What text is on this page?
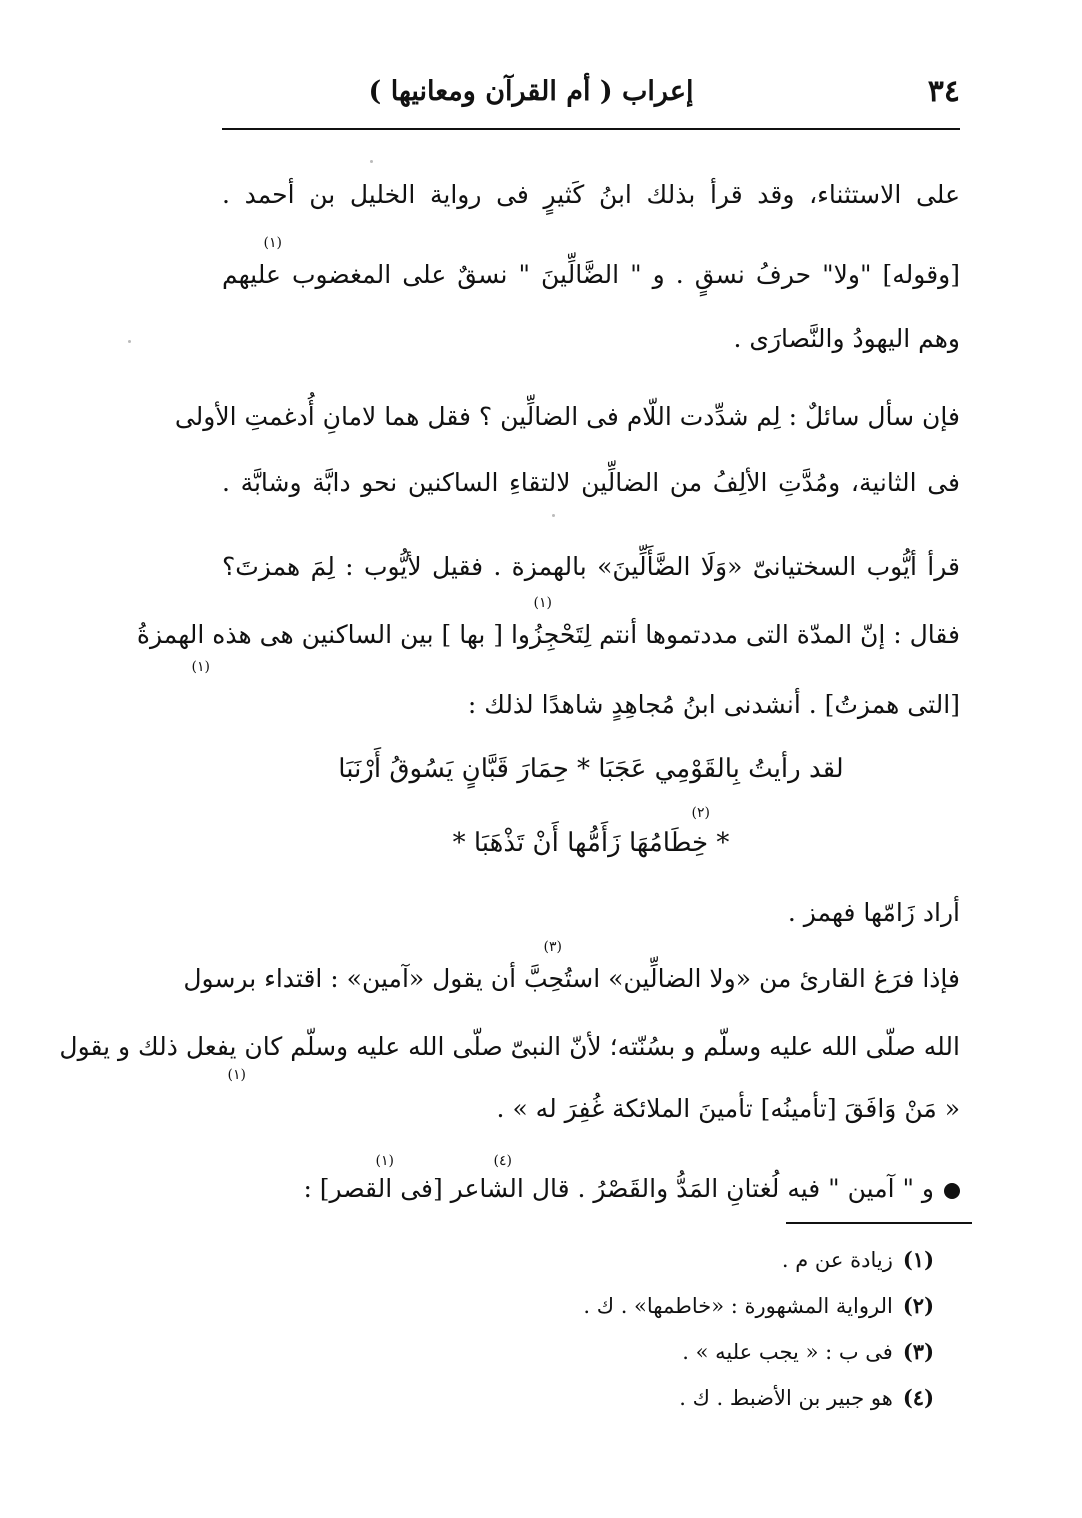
٣٤
إعراب ( أم القرآن ومعانيها )
على الاستثناء، وقد قرأ بذلك ابنُ كَثيرٍ فى رواية الخليل بن أحمد .
(١)
[وقوله] "ولا" حرفُ نسقٍ . و " الضَّالِّينَ " نسقٌ على المغضوب عليهم
وهم اليهودُ والنَّصارَى .
فإن سأل سائلٌ : لِم شدِّدت اللّام فى الضالِّين ؟ فقل هما لامانِ أُدغمتِ الأولى
فى الثانية، ومُدَّتِ الألِفُ من الضالِّين لالتقاءِ الساكنين نحو دابَّة وشابَّة .
قرأ أيُّوب السختيانىّ «وَلَا الضَّأَلِّينَ» بالهمزة . فقيل لأيُّوب : لِمَ همزتَ؟
(١)
فقال : إنّ المدّة التى مددتموها أنتم لِتَحْجِزُوا [ بها ] بين الساكنين هى هذه الهمزةُ
(١)
[التى همزتُ] . أنشدنى ابنُ مُجاهِدٍ شاهدًا لذلك :
لقد رأيتُ بِالقَوْمِي عَجَبَا * حِمَارَ قَبَّانٍ يَسُوقُ أَرْنَبَا
(٢)
* خِطَامُهَا زَأَمُّها أَنْ تَذْهَبَا *
أراد زَامّها فهمز .
(٣)
فإذا فرَغ القارئ من «ولا الضالِّين» استُحِبَّ أن يقول «آمين» : اقتداء برسول
الله صلّى الله عليه وسلّم و بسُنّته؛ لأنّ النبىّ صلّى الله عليه وسلّم كان يفعل ذلك و يقول
(١)
« مَنْ وَافَقَ [تأمينُه] تأمينَ الملائكة غُفِرَ له » .
(٤)
(١)
و " آمين " فيه لُغتانِ المَدُّ والقَصْرُ . قال الشاعر [فى القصر] :
(١)زيادة عن م .
(٢)الرواية المشهورة : «خاطمها» . ك .
(٣)فى ب : « يجب عليه » .
(٤)هو جبير بن الأضبط . ك .
